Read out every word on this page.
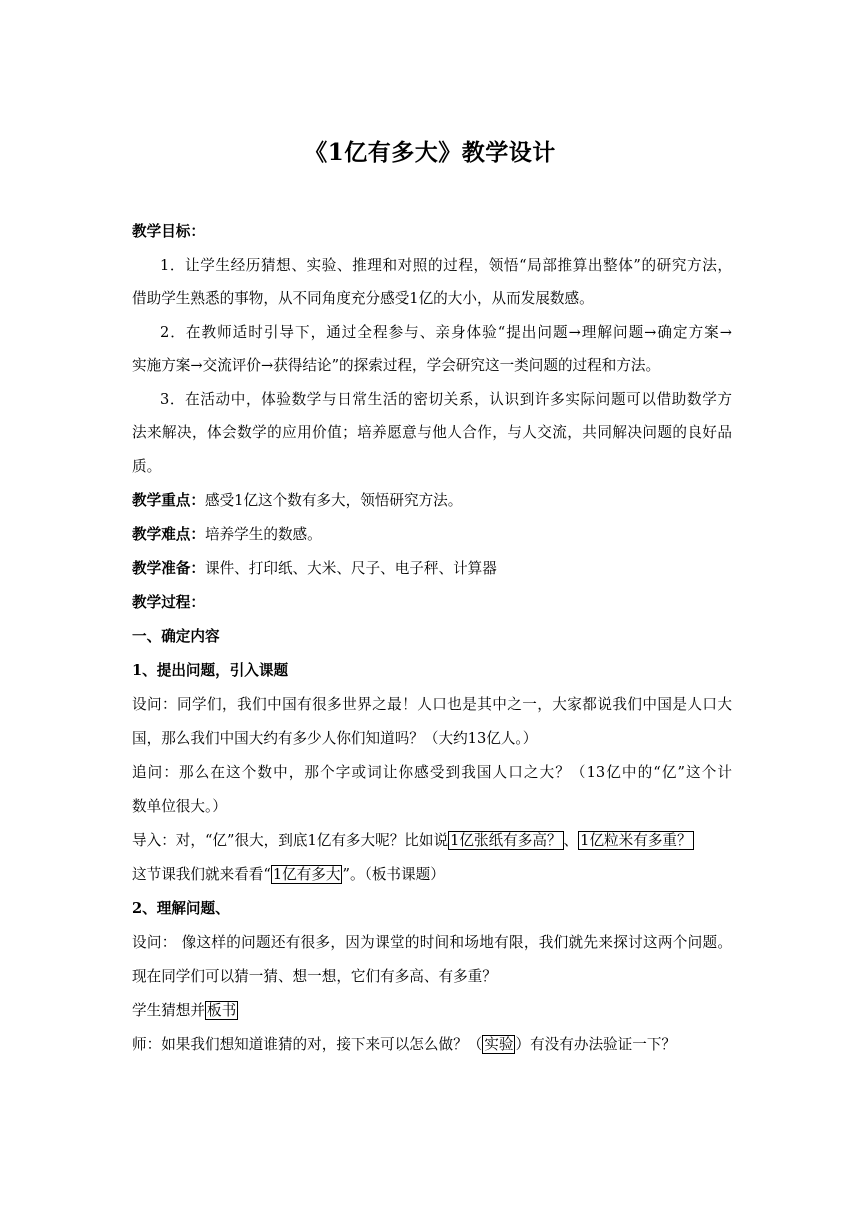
《1亿有多大》教学设计
教学目标：
1．让学生经历猜想、实验、推理和对照的过程，领悟“局部推算出整体”的研究方法，
借助学生熟悉的事物，从不同角度充分感受1亿的大小，从而发展数感。
2．在教师适时引导下，通过全程参与、亲身体验“提出问题→理解问题→确定方案→
实施方案→交流评价→获得结论”的探索过程，学会研究这一类问题的过程和方法。
3．在活动中，体验数学与日常生活的密切关系，认识到许多实际问题可以借助数学方
法来解决，体会数学的应用价值；培养愿意与他人合作，与人交流，共同解决问题的良好品
质。
教学重点：感受1亿这个数有多大，领悟研究方法。
教学难点：培养学生的数感。
教学准备：课件、打印纸、大米、尺子、电子秤、计算器
教学过程：
一、确定内容
1、提出问题，引入课题
设问：同学们，我们中国有很多世界之最！人口也是其中之一，大家都说我们中国是人口大
国，那么我们中国大约有多少人你们知道吗？（大约13亿人。）
追问：那么在这个数中，那个字或词让你感受到我国人口之大？（13亿中的“亿”这个计
数单位很大。）
导入：对，“亿”很大，到底1亿有多大呢？比如说 1亿张纸有多高？ 、 1亿粒米有多重？
这节课我们就来看看“ 1亿有多大 ”。（板书课题）
2、理解问题、
设问： 像这样的问题还有很多，因为课堂的时间和场地有限，我们就先来探讨这两个问题。
现在同学们可以猜一猜、想一想，它们有多高、有多重？
学生猜想并 板书
师：如果我们想知道谁猜的对，接下来可以怎么做？（ 实验 ）有没有办法验证一下？
